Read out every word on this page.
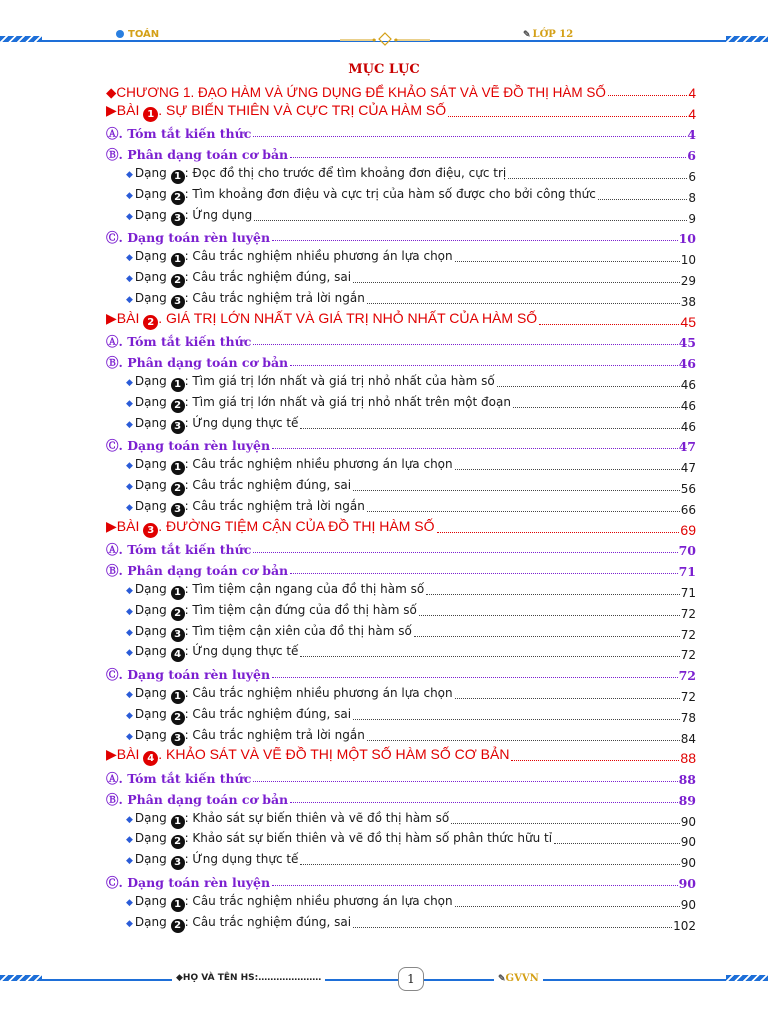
TOÁN	✎ LỚP 12
MỤC LỤC
◆CHƯƠNG 1. ĐẠO HÀM VÀ ỨNG DỤNG ĐỂ KHẢO SÁT VÀ VẼ ĐỒ THỊ HÀM SỐ	4
▶BÀI 1 . SỰ BIẾN THIÊN VÀ CỰC TRỊ CỦA HÀM SỐ	4
Ⓐ. Tóm tắt kiến thức	4
Ⓑ. Phân dạng toán cơ bản	6
◆ Dạng 1 : Đọc đồ thị cho trước để tìm khoảng đơn điệu, cực trị	6
◆ Dạng 2 : Tìm khoảng đơn điệu và cực trị của hàm số được cho bởi công thức	8
◆ Dạng 3 : Ứng dụng	9
Ⓒ. Dạng toán rèn luyện	10
◆ Dạng 1 : Câu trắc nghiệm nhiều phương án lựa chọn	10
◆ Dạng 2 : Câu trắc nghiệm đúng, sai	29
◆ Dạng 3 : Câu trắc nghiệm trả lời ngắn	38
▶BÀI 2 . GIÁ TRỊ LỚN NHẤT VÀ GIÁ TRỊ NHỎ NHẤT CỦA HÀM SỐ	45
Ⓐ. Tóm tắt kiến thức	45
Ⓑ. Phân dạng toán cơ bản	46
◆ Dạng 1 : Tìm giá trị lớn nhất và giá trị nhỏ nhất của hàm số	46
◆ Dạng 2 : Tìm giá trị lớn nhất và giá trị nhỏ nhất trên một đoạn	46
◆ Dạng 3 : Ứng dụng thực tế	46
Ⓒ. Dạng toán rèn luyện	47
◆ Dạng 1 : Câu trắc nghiệm nhiều phương án lựa chọn	47
◆ Dạng 2 : Câu trắc nghiệm đúng, sai	56
◆ Dạng 3 : Câu trắc nghiệm trả lời ngắn	66
▶BÀI 3 . ĐƯỜNG TIỆM CẬN CỦA ĐỒ THỊ HÀM SỐ	69
Ⓐ. Tóm tắt kiến thức	70
Ⓑ. Phân dạng toán cơ bản	71
◆ Dạng 1 : Tìm tiệm cận ngang của đồ thị hàm số	71
◆ Dạng 2 : Tìm tiệm cận đứng của đồ thị hàm số	72
◆ Dạng 3 : Tìm tiệm cận xiên của đồ thị hàm số	72
◆ Dạng 4 : Ứng dụng thực tế	72
Ⓒ. Dạng toán rèn luyện	72
◆ Dạng 1 : Câu trắc nghiệm nhiều phương án lựa chọn	72
◆ Dạng 2 : Câu trắc nghiệm đúng, sai	78
◆ Dạng 3 : Câu trắc nghiệm trả lời ngắn	84
▶BÀI 4 . KHẢO SÁT VÀ VẼ ĐỒ THỊ MỘT SỐ HÀM SỐ CƠ BẢN	88
Ⓐ. Tóm tắt kiến thức	88
Ⓑ. Phân dạng toán cơ bản	89
◆ Dạng 1 : Khảo sát sự biến thiên và vẽ đồ thị hàm số	90
◆ Dạng 2 : Khảo sát sự biến thiên và vẽ đồ thị hàm số phân thức hữu tỉ	90
◆ Dạng 3 : Ứng dụng thực tế	90
Ⓒ. Dạng toán rèn luyện	90
◆ Dạng 1 : Câu trắc nghiệm nhiều phương án lựa chọn	90
◆ Dạng 2 : Câu trắc nghiệm đúng, sai	102
◆HỌ VÀ TÊN HS:…………………	1	✎GVVN
